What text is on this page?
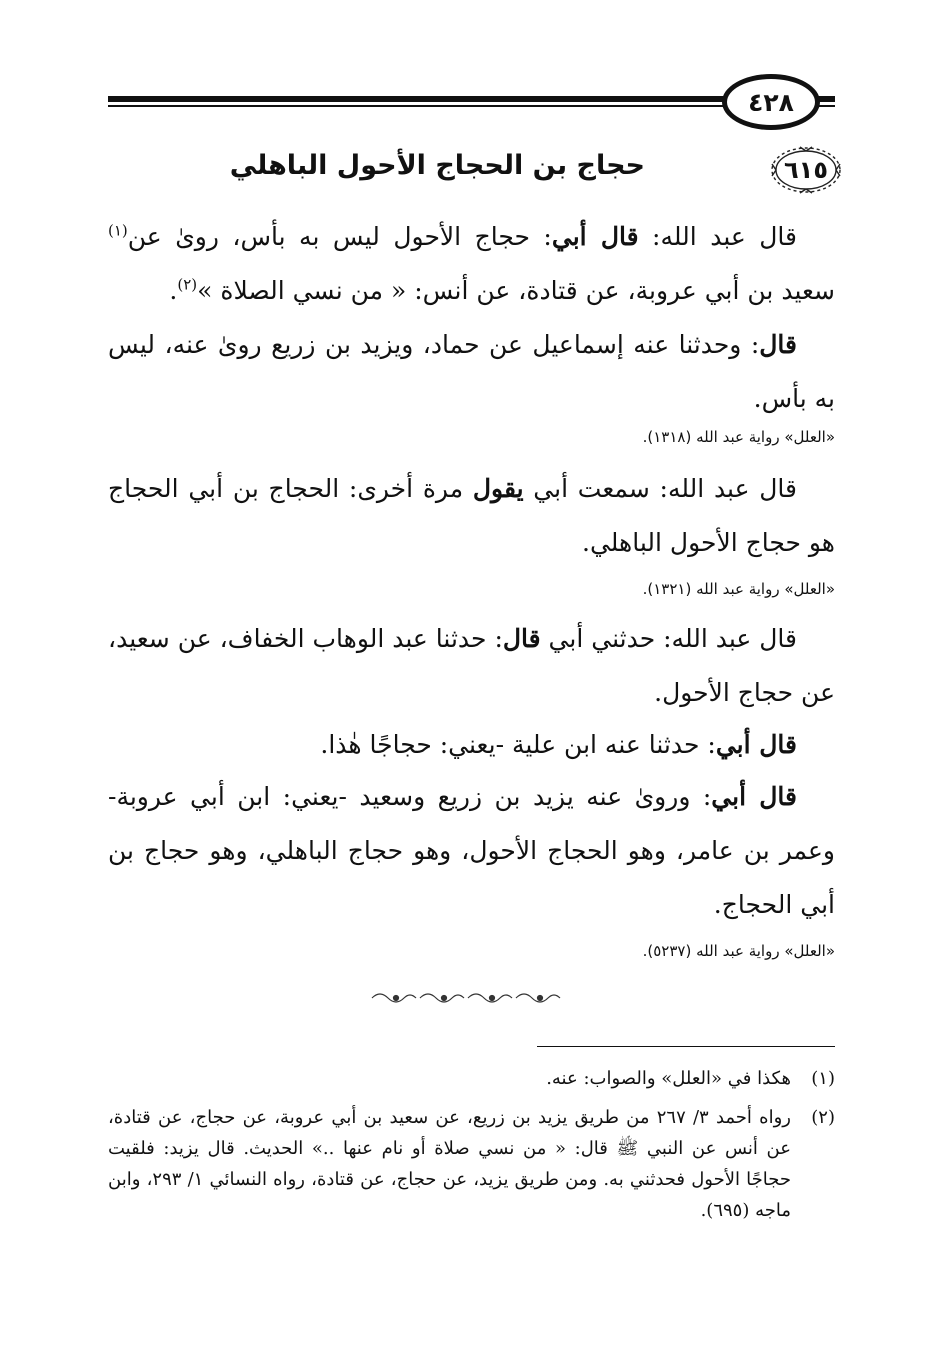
٤٢٨
٦١٥
حجاج بن الحجاج الأحول الباهلي

قال عبد الله: قال أبي: حجاج الأحول ليس به بأس، رویٰ عن$^{(١)}$ سعيد بن أبي عروبة، عن قتادة، عن أنس: « من نسي الصلاة »$^{(٢)}$.

قال: وحدثنا عنه إسماعيل عن حماد، ويزيد بن زريع رویٰ عنه، ليس به بأس.

«العلل» رواية عبد الله (١٣١٨).

قال عبد الله: سمعت أبي يقول مرة أخرى: الحجاج بن أبي الحجاج هو حجاج الأحول الباهلي.

«العلل» رواية عبد الله (١٣٢١).

قال عبد الله: حدثني أبي قال: حدثنا عبد الوهاب الخفاف، عن سعيد، عن حجاج الأحول.

قال أبي: حدثنا عنه ابن علية -يعني: حجاجًا هٰذا.

قال أبي: ورویٰ عنه يزيد بن زريع وسعيد -يعني: ابن أبي عروبة- وعمر بن عامر، وهو الحجاج الأحول، وهو حجاج الباهلي، وهو حجاج بن أبي الحجاج.

«العلل» رواية عبد الله (٥٢٣٧).
(١)
هكذا في «العلل» والصواب: عنه.
(٢)
رواه أحمد ٣/ ٢٦٧ من طريق يزيد بن زريع، عن سعيد بن أبي عروبة، عن حجاج، عن قتادة، عن أنس عن النبي ﷺ قال: « من نسي صلاة أو نام عنها ..» الحديث. قال يزيد: فلقيت حجاجًا الأحول فحدثني به. ومن طريق يزيد، عن حجاج، عن قتادة، رواه النسائي ١/ ٢٩٣، وابن ماجه (٦٩٥).
